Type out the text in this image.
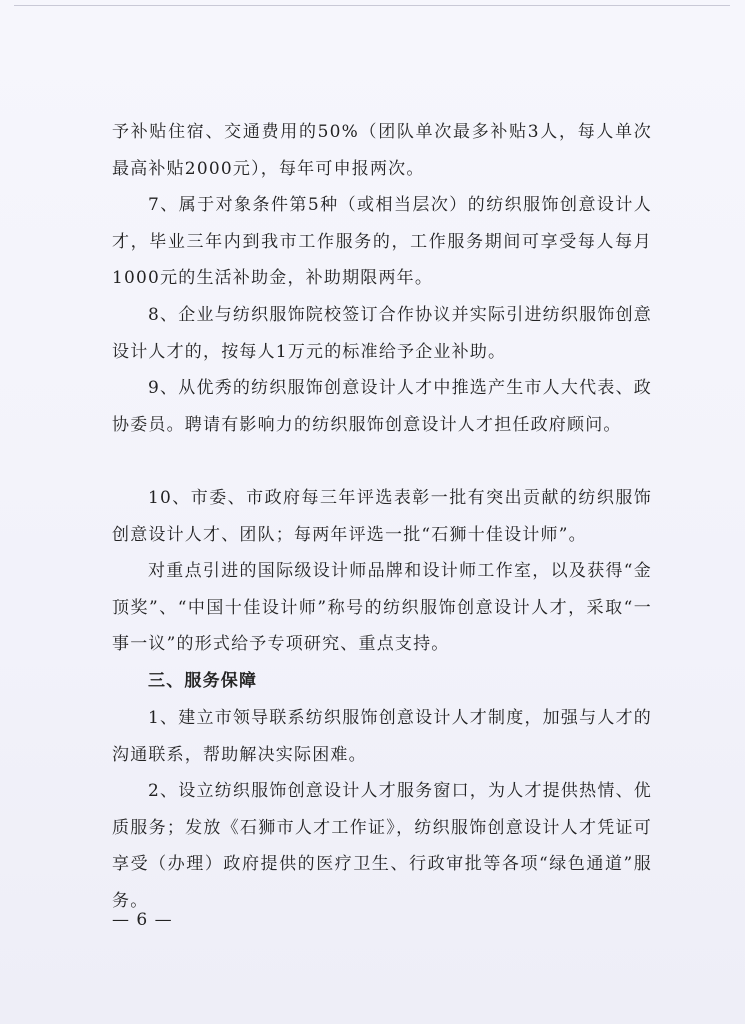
予补贴住宿、交通费用的50%（团队单次最多补贴3人，每人单次最高补贴2000元），每年可申报两次。

7、属于对象条件第5种（或相当层次）的纺织服饰创意设计人才，毕业三年内到我市工作服务的，工作服务期间可享受每人每月1000元的生活补助金，补助期限两年。

8、企业与纺织服饰院校签订合作协议并实际引进纺织服饰创意设计人才的，按每人1万元的标准给予企业补助。

9、从优秀的纺织服饰创意设计人才中推选产生市人大代表、政协委员。聘请有影响力的纺织服饰创意设计人才担任政府顾问。

10、市委、市政府每三年评选表彰一批有突出贡献的纺织服饰创意设计人才、团队；每两年评选一批“石狮十佳设计师”。

对重点引进的国际级设计师品牌和设计师工作室，以及获得“金顶奖”、“中国十佳设计师”称号的纺织服饰创意设计人才，采取“一事一议”的形式给予专项研究、重点支持。

三、服务保障

1、建立市领导联系纺织服饰创意设计人才制度，加强与人才的沟通联系，帮助解决实际困难。

2、设立纺织服饰创意设计人才服务窗口，为人才提供热情、优质服务；发放《石狮市人才工作证》，纺织服饰创意设计人才凭证可享受（办理）政府提供的医疗卫生、行政审批等各项“绿色通道”服务。

— 6 —
